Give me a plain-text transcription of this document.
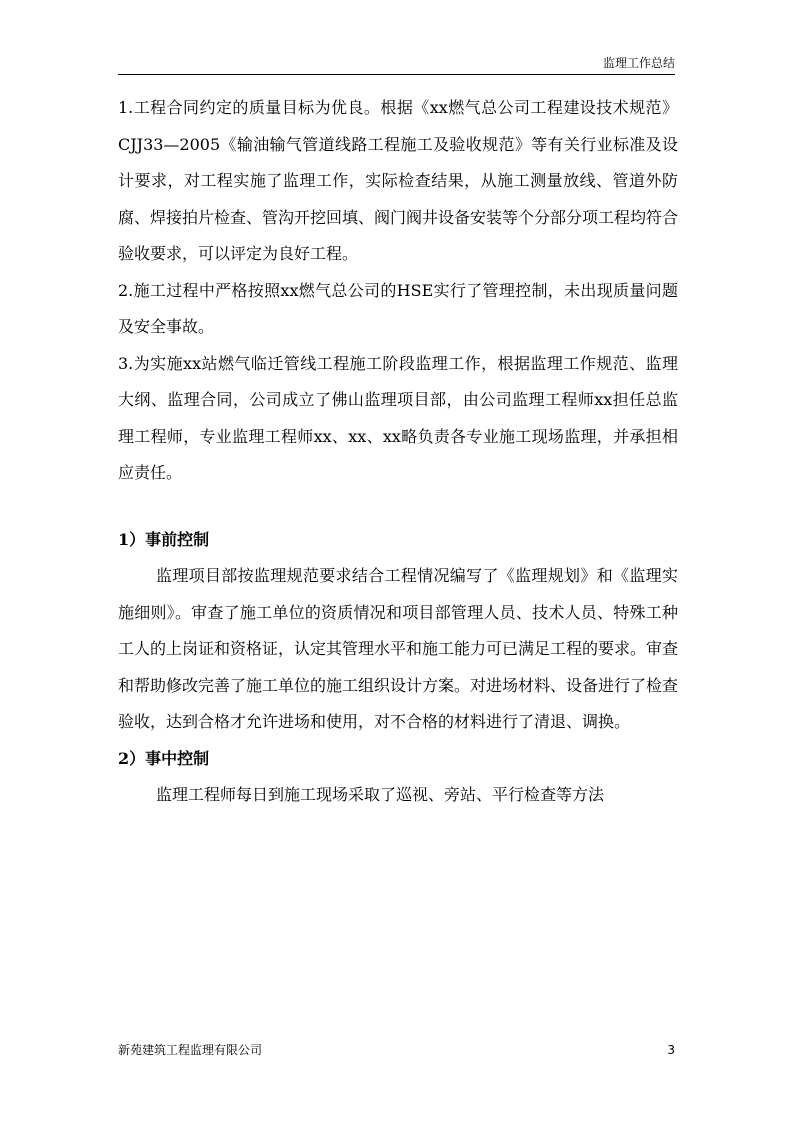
监理工作总结

1.工程合同约定的质量目标为优良。根据《xx燃气总公司工程建设技术规范》CJJ33—2005《输油输气管道线路工程施工及验收规范》等有关行业标准及设计要求，对工程实施了监理工作，实际检查结果，从施工测量放线、管道外防腐、焊接拍片检查、管沟开挖回填、阀门阀井设备安装等个分部分项工程均符合验收要求，可以评定为良好工程。

2.施工过程中严格按照xx燃气总公司的HSE实行了管理控制，未出现质量问题及安全事故。

3.为实施xx站燃气临迁管线工程施工阶段监理工作，根据监理工作规范、监理大纲、监理合同，公司成立了佛山监理项目部，由公司监理工程师xx担任总监理工程师，专业监理工程师xx、xx、xx略负责各专业施工现场监理，并承担相应责任。

1）事前控制

监理项目部按监理规范要求结合工程情况编写了《监理规划》和《监理实施细则》。审查了施工单位的资质情况和项目部管理人员、技术人员、特殊工种工人的上岗证和资格证，认定其管理水平和施工能力可已满足工程的要求。审查和帮助修改完善了施工单位的施工组织设计方案。对进场材料、设备进行了检查验收，达到合格才允许进场和使用，对不合格的材料进行了清退、调换。

2）事中控制

监理工程师每日到施工现场采取了巡视、旁站、平行检查等方法

新苑建筑工程监理有限公司	3
